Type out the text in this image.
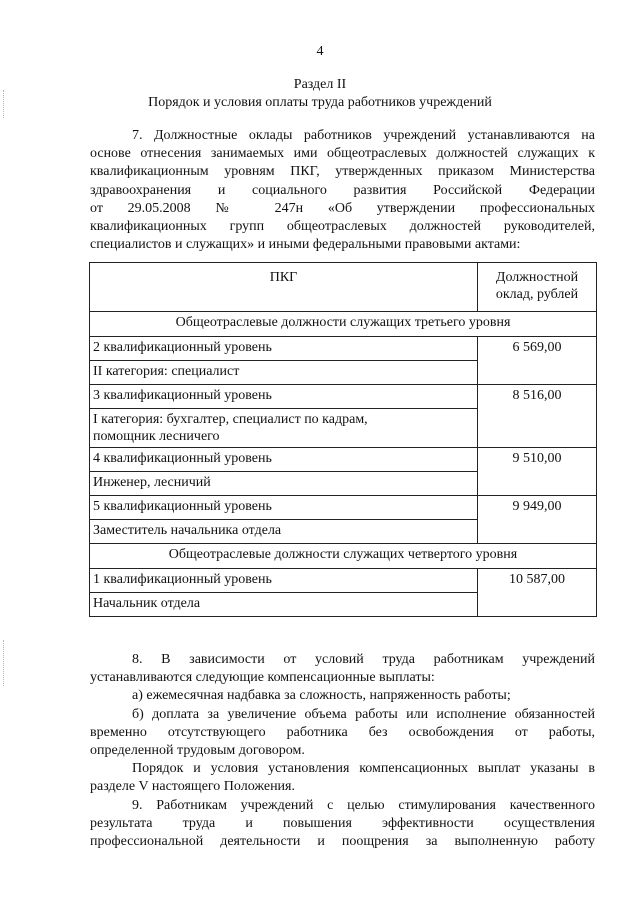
4
Раздел II
Порядок и условия оплаты труда работников учреждений
7. Должностные оклады работников учреждений устанавливаются на
основе отнесения занимаемых ими общеотраслевых должностей служащих к
квалификационным уровням ПКГ, утвержденных приказом Министерства
здравоохранения и социального развития Российской Федерации
от 29.05.2008 № 247н «Об утверждении профессиональных
квалификационных групп общеотраслевых должностей руководителей,
специалистов и служащих» и иными федеральными правовыми актами:
ПКГ	Должностной
оклад, рублей
Общеотраслевые должности служащих третьего уровня	
2 квалификационный уровень	6 569,00
II категория: специалист	
3 квалификационный уровень	8 516,00
I категория: бухгалтер, специалист по кадрам,
помощник лесничего	
4 квалификационный уровень	9 510,00
Инженер, лесничий	
5 квалификационный уровень	9 949,00
Заместитель начальника отдела	
Общеотраслевые должности служащих четвертого уровня	
1 квалификационный уровень	10 587,00
Начальник отдела	
8. В зависимости от условий труда работникам учреждений
устанавливаются следующие компенсационные выплаты:
а) ежемесячная надбавка за сложность, напряженность работы;
б) доплата за увеличение объема работы или исполнение обязанностей
временно отсутствующего работника без освобождения от работы,
определенной трудовым договором.
Порядок и условия установления компенсационных выплат указаны в
разделе V настоящего Положения.
9. Работникам учреждений с целью стимулирования качественного
результата труда и повышения эффективности осуществления
профессиональной деятельности и поощрения за выполненную работу
